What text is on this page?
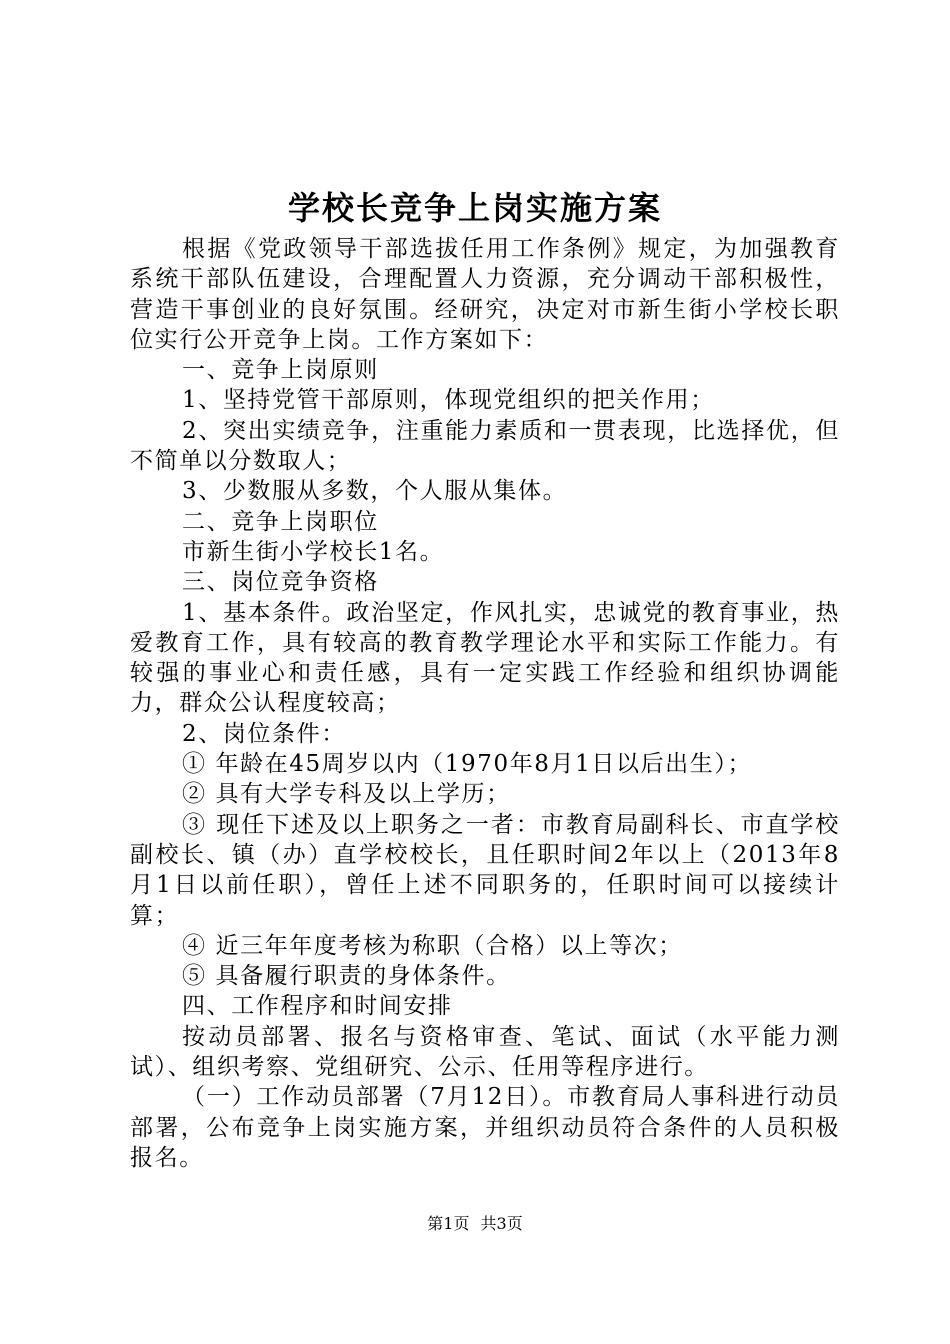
学校长竞争上岗实施方案

根据《党政领导干部选拔任用工作条例》规定，为加强教育系统干部队伍建设，合理配置人力资源，充分调动干部积极性，营造干事创业的良好氛围。经研究，决定对市新生街小学校长职位实行公开竞争上岗。工作方案如下：

一、竞争上岗原则

1、坚持党管干部原则，体现党组织的把关作用；

2、突出实绩竞争，注重能力素质和一贯表现，比选择优，但不简单以分数取人；

3、少数服从多数，个人服从集体。

二、竞争上岗职位

市新生街小学校长1名。

三、岗位竞争资格

1、基本条件。政治坚定，作风扎实，忠诚党的教育事业，热爱教育工作，具有较高的教育教学理论水平和实际工作能力。有较强的事业心和责任感，具有一定实践工作经验和组织协调能力，群众公认程度较高；

2、岗位条件：

① 年龄在45周岁以内（1970年8月1日以后出生）；

② 具有大学专科及以上学历；

③ 现任下述及以上职务之一者：市教育局副科长、市直学校副校长、镇（办）直学校校长，且任职时间2年以上（2013年8月1日以前任职），曾任上述不同职务的，任职时间可以接续计算；

④ 近三年年度考核为称职（合格）以上等次；

⑤ 具备履行职责的身体条件。

四、工作程序和时间安排

按动员部署、报名与资格审查、笔试、面试（水平能力测试）、组织考察、党组研究、公示、任用等程序进行。

（一）工作动员部署（7月12日）。市教育局人事科进行动员部署，公布竞争上岗实施方案，并组织动员符合条件的人员积极报名。

第1页 共3页
